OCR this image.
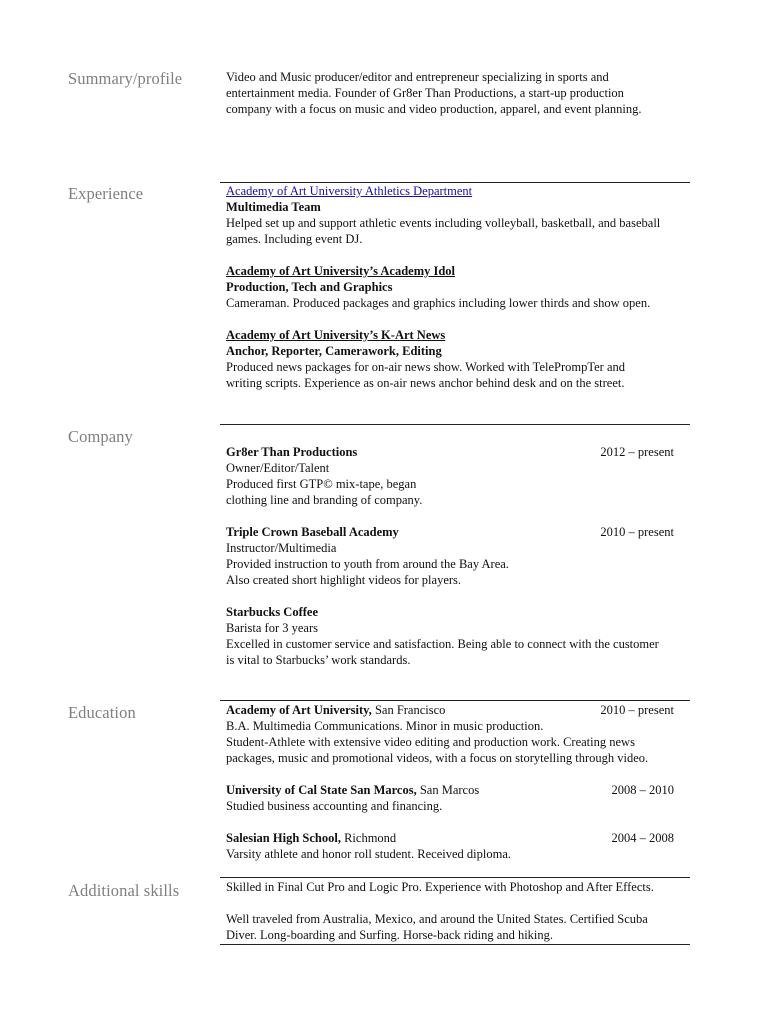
Summary/profile	Video and Music producer/editor and entrepreneur specializing in sports and
entertainment media. Founder of Gr8er Than Productions, a start-up production
company with a focus on music and video production, apparel, and event planning.
Experience	Academy of Art University Athletics Department
Multimedia Team
Helped set up and support athletic events including volleyball, basketball, and baseball
games. Including event DJ.
Academy of Art University’s Academy Idol
Production, Tech and Graphics
Cameraman. Produced packages and graphics including lower thirds and show open.
Academy of Art University’s K-Art News
Anchor, Reporter, Camerawork, Editing
Produced news packages for on-air news show. Worked with TelePrompTer and
writing scripts. Experience as on-air news anchor behind desk and on the street.
Company
Gr8er Than Productions	2012 – present
Owner/Editor/Talent
Produced first GTP© mix-tape, began
clothing line and branding of company.
Triple Crown Baseball Academy	2010 – present
Instructor/Multimedia
Provided instruction to youth from around the Bay Area.
Also created short highlight videos for players.
Starbucks Coffee
Barista for 3 years
Excelled in customer service and satisfaction. Being able to connect with the customer
is vital to Starbucks’ work standards.
Education	Academy of Art University, San Francisco	2010 – present
B.A. Multimedia Communications. Minor in music production.
Student-Athlete with extensive video editing and production work. Creating news
packages, music and promotional videos, with a focus on storytelling through video.
University of Cal State San Marcos, San Marcos	2008 – 2010
Studied business accounting and financing.
Salesian High School, Richmond	2004 – 2008
Varsity athlete and honor roll student. Received diploma.
Additional skills	Skilled in Final Cut Pro and Logic Pro. Experience with Photoshop and After Effects.
Well traveled from Australia, Mexico, and around the United States. Certified Scuba
Diver. Long-boarding and Surfing. Horse-back riding and hiking.
